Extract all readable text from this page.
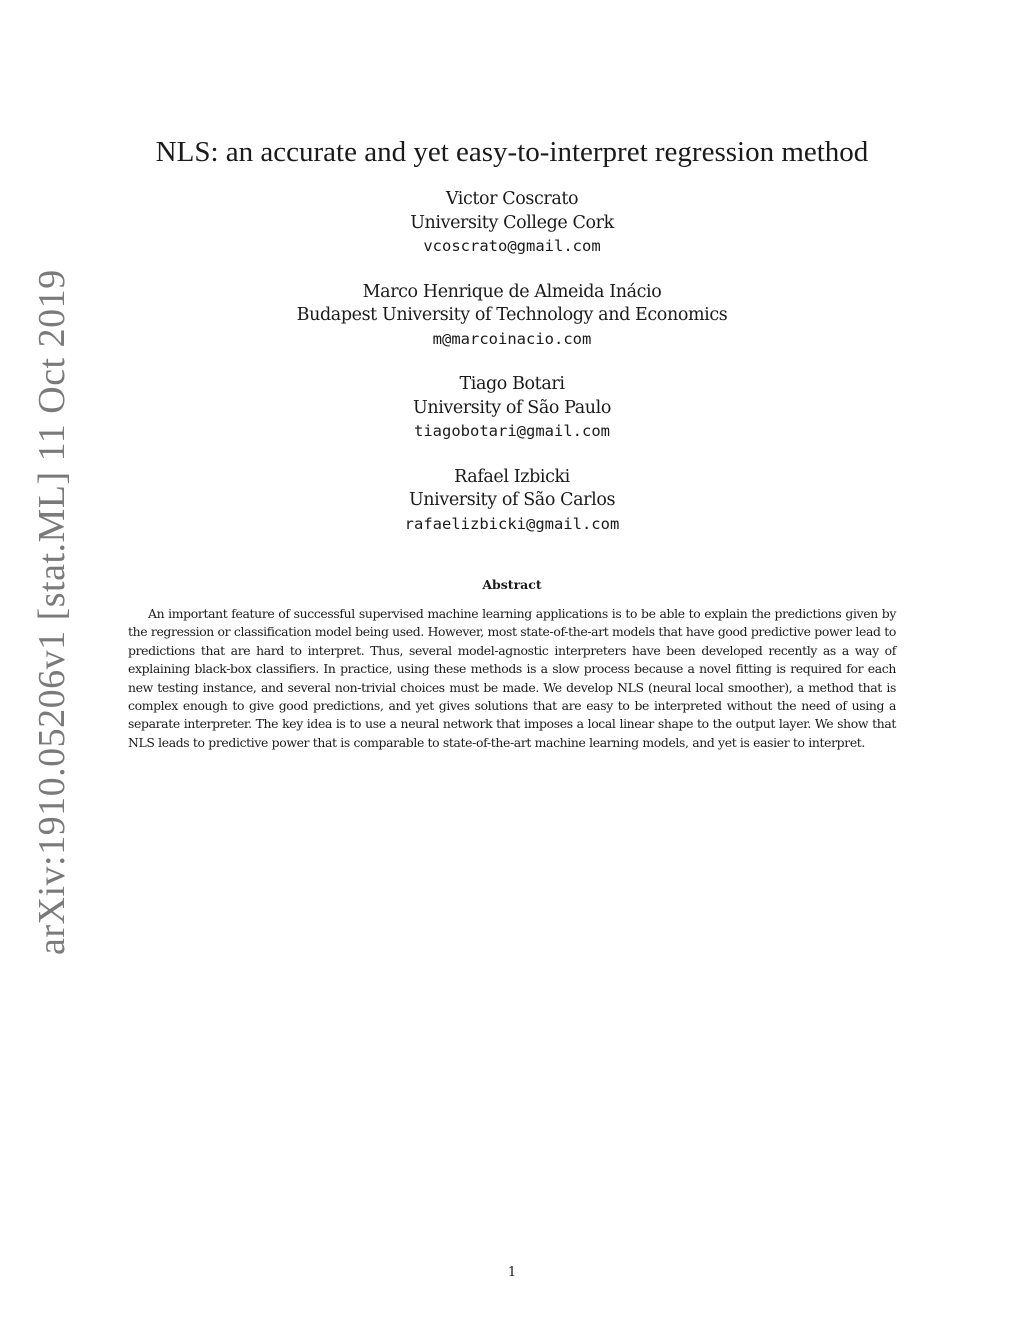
arXiv:1910.05206v1 [stat.ML] 11 Oct 2019
NLS: an accurate and yet easy-to-interpret regression method
Victor Coscrato
University College Cork
vcoscrato@gmail.com
Marco Henrique de Almeida Inácio
Budapest University of Technology and Economics
m@marcoinacio.com
Tiago Botari
University of São Paulo
tiagobotari@gmail.com
Rafael Izbicki
University of São Carlos
rafaelizbicki@gmail.com
Abstract

An important feature of successful supervised machine learning applications is to be able to explain the predictions given by the regression or classification model being used. However, most state-of-the-art models that have good predictive power lead to predictions that are hard to interpret. Thus, several model-agnostic interpreters have been developed recently as a way of explaining black-box classifiers. In practice, using these methods is a slow process because a novel fitting is required for each new testing instance, and several non-trivial choices must be made. We develop NLS (neural local smoother), a method that is complex enough to give good predictions, and yet gives solutions that are easy to be interpreted without the need of using a separate interpreter. The key idea is to use a neural network that imposes a local linear shape to the output layer. We show that NLS leads to predictive power that is comparable to state-of-the-art machine learning models, and yet is easier to interpret.

1
